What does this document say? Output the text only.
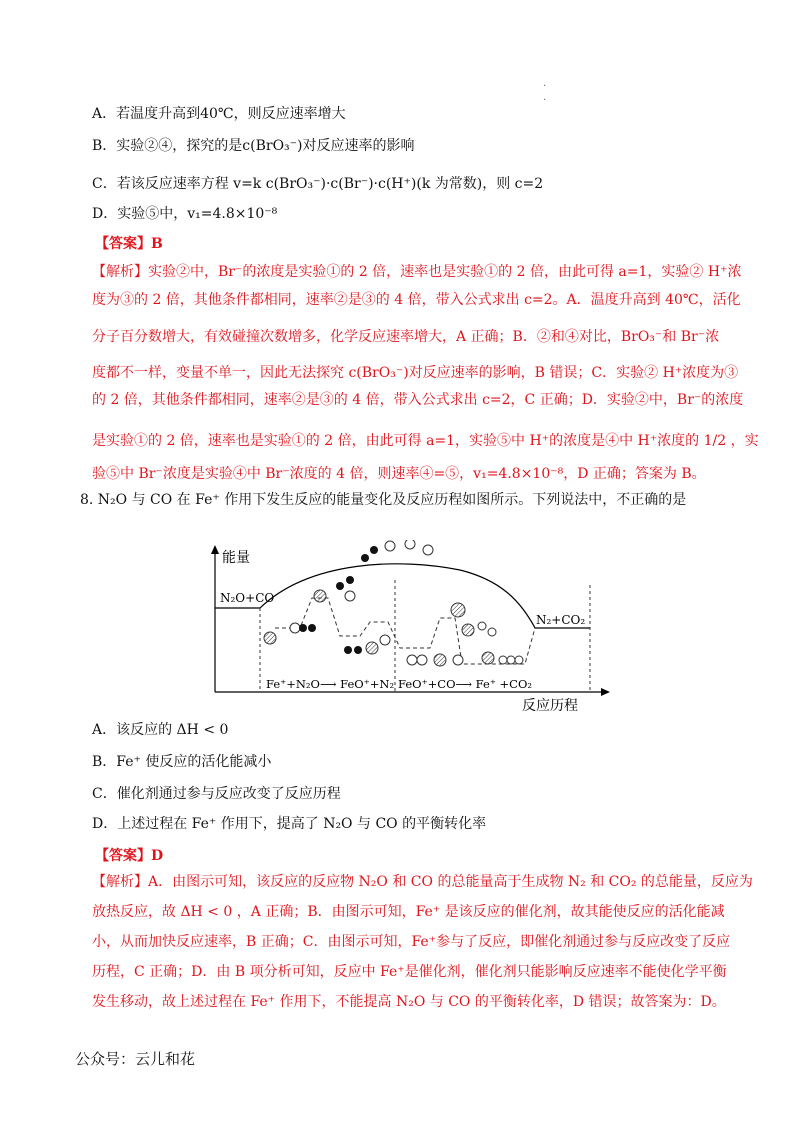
.
.
A．若温度升高到40℃，则反应速率增大
B．实验②④，探究的是c(BrO₃⁻)对反应速率的影响
C．若该反应速率方程 v=k c(BrO₃⁻)·c(Br⁻)·c(H⁺)(k 为常数)，则 c=2
D．实验⑤中，v₁=4.8×10⁻⁸
【答案】B
【解析】实验②中，Br⁻的浓度是实验①的 2 倍，速率也是实验①的 2 倍，由此可得 a=1，实验② H⁺浓
度为③的 2 倍，其他条件都相同，速率②是③的 4 倍，带入公式求出 c=2。A．温度升高到 40℃，活化
分子百分数增大，有效碰撞次数增多，化学反应速率增大，A 正确；B．②和④对比，BrO₃⁻和 Br⁻浓
度都不一样，变量不单一，因此无法探究 c(BrO₃⁻)对反应速率的影响，B 错误；C．实验② H⁺浓度为③
的 2 倍，其他条件都相同，速率②是③的 4 倍，带入公式求出 c=2，C 正确；D．实验②中，Br⁻的浓度
是实验①的 2 倍，速率也是实验①的 2 倍，由此可得 a=1，实验⑤中 H⁺的浓度是④中 H⁺浓度的 1/2 ，实
验⑤中 Br⁻浓度是实验④中 Br⁻浓度的 4 倍，则速率④=⑤，v₁=4.8×10⁻⁸，D 正确；答案为 B。
8. N₂O 与 CO 在 Fe⁺ 作用下发生反应的能量变化及反应历程如图所示。下列说法中，不正确的是
能量
反应历程
N₂O+CO
N₂+CO₂
Fe⁺+N₂O⟶ FeO⁺+N₂ FeO⁺+CO⟶ Fe⁺ +CO₂
A．该反应的 ΔH < 0
B．Fe⁺ 使反应的活化能减小
C．催化剂通过参与反应改变了反应历程
D．上述过程在 Fe⁺ 作用下，提高了 N₂O 与 CO 的平衡转化率
【答案】D
【解析】A．由图示可知，该反应的反应物 N₂O 和 CO 的总能量高于生成物 N₂ 和 CO₂ 的总能量，反应为
放热反应，故 ΔH < 0 ，A 正确；B．由图示可知，Fe⁺ 是该反应的催化剂，故其能使反应的活化能减
小，从而加快反应速率，B 正确；C．由图示可知，Fe⁺参与了反应，即催化剂通过参与反应改变了反应
历程，C 正确；D．由 B 项分析可知，反应中 Fe⁺是催化剂，催化剂只能影响反应速率不能使化学平衡
发生移动，故上述过程在 Fe⁺ 作用下，不能提高 N₂O 与 CO 的平衡转化率，D 错误；故答案为：D。
公众号：云儿和花
